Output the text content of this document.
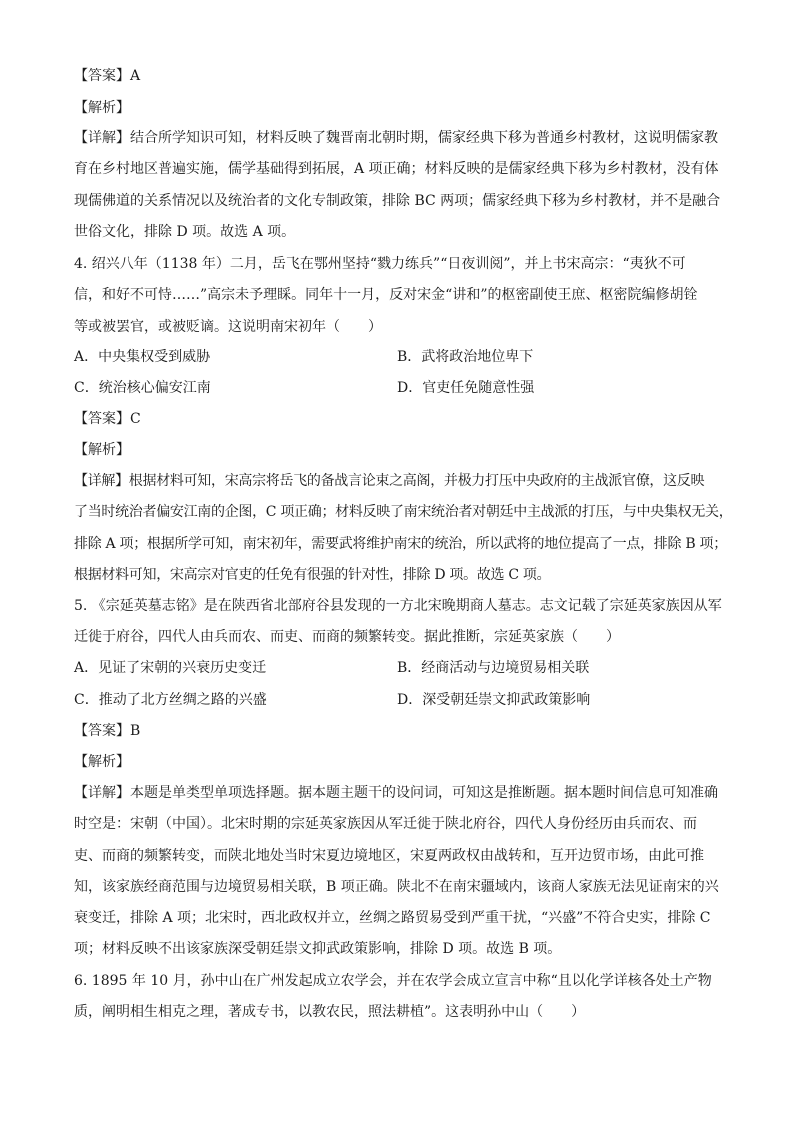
【答案】A
【解析】
【详解】结合所学知识可知，材料反映了魏晋南北朝时期，儒家经典下移为普通乡村教材，这说明儒家教
育在乡村地区普遍实施，儒学基础得到拓展，A 项正确；材料反映的是儒家经典下移为乡村教材，没有体
现儒佛道的关系情况以及统治者的文化专制政策，排除 BC 两项；儒家经典下移为乡村教材，并不是融合
世俗文化，排除 D 项。故选 A 项。
4. 绍兴八年（1138 年）二月，岳飞在鄂州坚持“戮力练兵”“日夜训阅”，并上书宋高宗：“夷狄不可
信，和好不可恃……”高宗未予理睬。同年十一月，反对宋金“讲和”的枢密副使王庶、枢密院编修胡铨
等或被罢官，或被贬谪。这说明南宋初年（　　）
A．中央集权受到威胁	B．武将政治地位卑下
C．统治核心偏安江南	D．官吏任免随意性强
【答案】C
【解析】
【详解】根据材料可知，宋高宗将岳飞的备战言论束之高阁，并极力打压中央政府的主战派官僚，这反映
了当时统治者偏安江南的企图，C 项正确；材料反映了南宋统治者对朝廷中主战派的打压，与中央集权无关，
排除 A 项；根据所学可知，南宋初年，需要武将维护南宋的统治，所以武将的地位提高了一点，排除 B 项；
根据材料可知，宋高宗对官吏的任免有很强的针对性，排除 D 项。故选 C 项。
5. 《宗延英墓志铭》是在陕西省北部府谷县发现的一方北宋晚期商人墓志。志文记载了宗延英家族因从军
迁徙于府谷，四代人由兵而农、而吏、而商的频繁转变。据此推断，宗延英家族（　　）
A．见证了宋朝的兴衰历史变迁	B．经商活动与边境贸易相关联
C．推动了北方丝绸之路的兴盛	D．深受朝廷崇文抑武政策影响
【答案】B
【解析】
【详解】本题是单类型单项选择题。据本题主题干的设问词，可知这是推断题。据本题时间信息可知准确
时空是：宋朝（中国）。北宋时期的宗延英家族因从军迁徙于陕北府谷，四代人身份经历由兵而农、而
吏、而商的频繁转变，而陕北地处当时宋夏边境地区，宋夏两政权由战转和，互开边贸市场，由此可推
知，该家族经商范围与边境贸易相关联，B 项正确。陕北不在南宋疆域内，该商人家族无法见证南宋的兴
衰变迁，排除 A 项；北宋时，西北政权并立，丝绸之路贸易受到严重干扰，“兴盛”不符合史实，排除 C
项；材料反映不出该家族深受朝廷崇文抑武政策影响，排除 D 项。故选 B 项。
6. 1895 年 10 月，孙中山在广州发起成立农学会，并在农学会成立宣言中称“且以化学详核各处土产物
质，阐明相生相克之理，著成专书，以教农民，照法耕植”。这表明孙中山（　　）
